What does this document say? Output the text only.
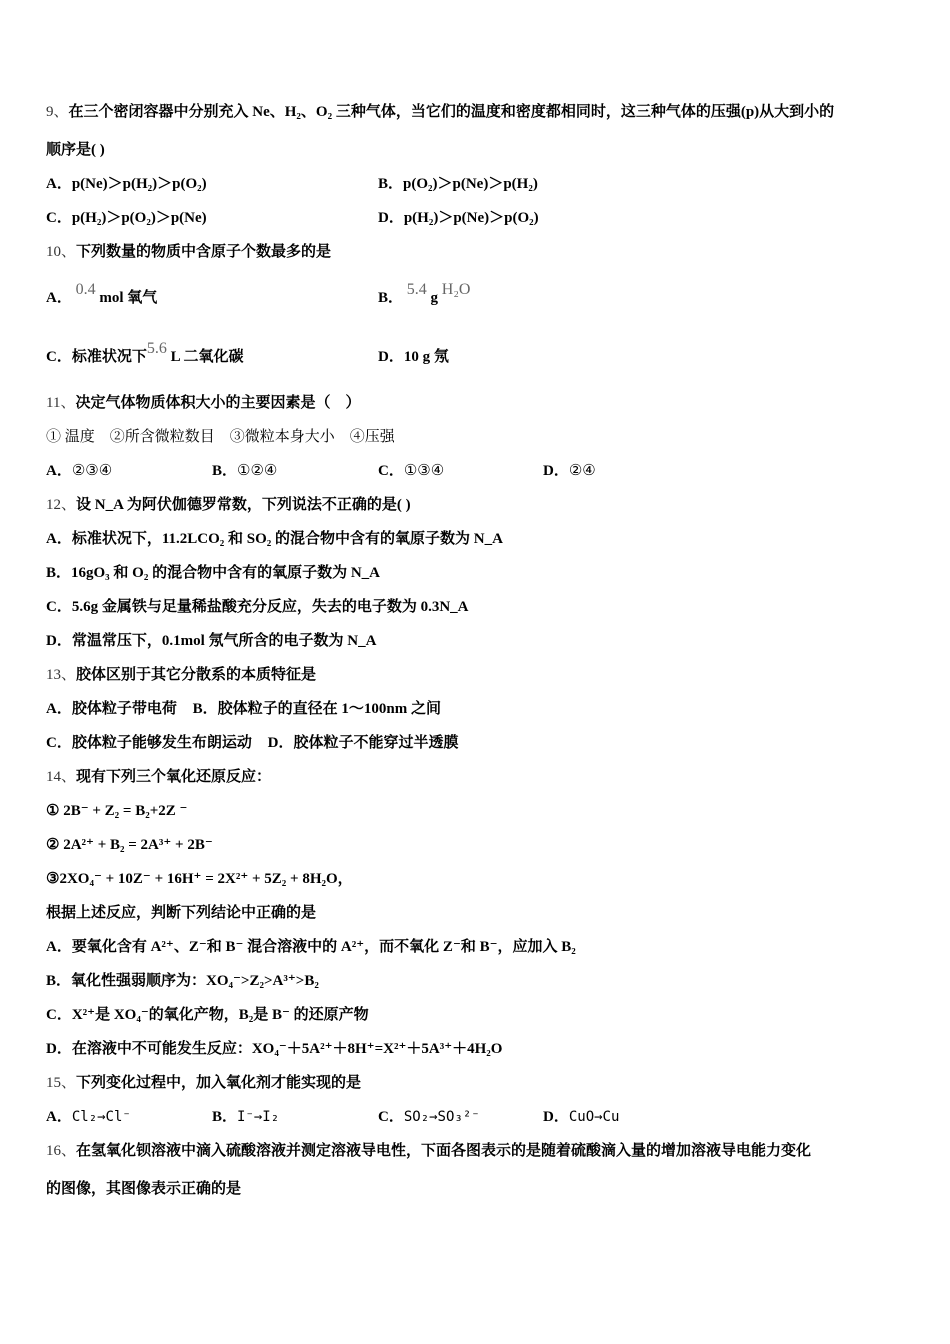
9、在三个密闭容器中分别充入 Ne、H₂、O₂ 三种气体，当它们的温度和密度都相同时，这三种气体的压强(p)从大到小的
顺序是( )
A．p(Ne)＞p(H₂)＞p(O₂)	B．p(O₂)＞p(Ne)＞p(H₂)
C．p(H₂)＞p(O₂)＞p(Ne)	D．p(H₂)＞p(Ne)＞p(O₂)
10、下列数量的物质中含原子个数最多的是
A． 0.4 mol 氧气	B． 5.4 g H₂O
C．标准状况下5.6 L 二氧化碳	D．10 g 氖
11、决定气体物质体积大小的主要因素是（　）
① 温度　②所含微粒数目　③微粒本身大小　④压强
A．②③④	B．①②④	C．①③④	D．②④
12、设 N_A 为阿伏伽德罗常数，下列说法不正确的是( )
A．标准状况下，11.2LCO₂ 和 SO₂ 的混合物中含有的氧原子数为 N_A
B．16gO₃ 和 O₂ 的混合物中含有的氧原子数为 N_A
C．5.6g 金属铁与足量稀盐酸充分反应，失去的电子数为 0.3N_A
D．常温常压下，0.1mol 氖气所含的电子数为 N_A
13、胶体区别于其它分散系的本质特征是
A．胶体粒子带电荷 B．胶体粒子的直径在 1～100nm 之间
C．胶体粒子能够发生布朗运动 D．胶体粒子不能穿过半透膜
14、现有下列三个氧化还原反应：
① 2B⁻ + Z₂ = B₂+2Z ⁻
② 2A²⁺ + B₂ = 2A³⁺ + 2B⁻
③2XO₄⁻ + 10Z⁻ + 16H⁺ = 2X²⁺ + 5Z₂ + 8H₂O，
根据上述反应，判断下列结论中正确的是
A．要氧化含有 A²⁺、Z⁻和 B⁻ 混合溶液中的 A²⁺，而不氧化 Z⁻和 B⁻，应加入 B₂
B．氧化性强弱顺序为：XO₄⁻>Z₂>A³⁺>B₂
C．X²⁺是 XO₄⁻的氧化产物，B₂是 B⁻ 的还原产物
D．在溶液中不可能发生反应：XO₄⁻＋5A²⁺＋8H⁺=X²⁺＋5A³⁺＋4H₂O
15、下列变化过程中，加入氧化剂才能实现的是
A．Cl₂→Cl⁻	B．I⁻→I₂	C．SO₂→SO₃²⁻	D．CuO→Cu
16、在氢氧化钡溶液中滴入硫酸溶液并测定溶液导电性，下面各图表示的是随着硫酸滴入量的增加溶液导电能力变化
的图像，其图像表示正确的是
